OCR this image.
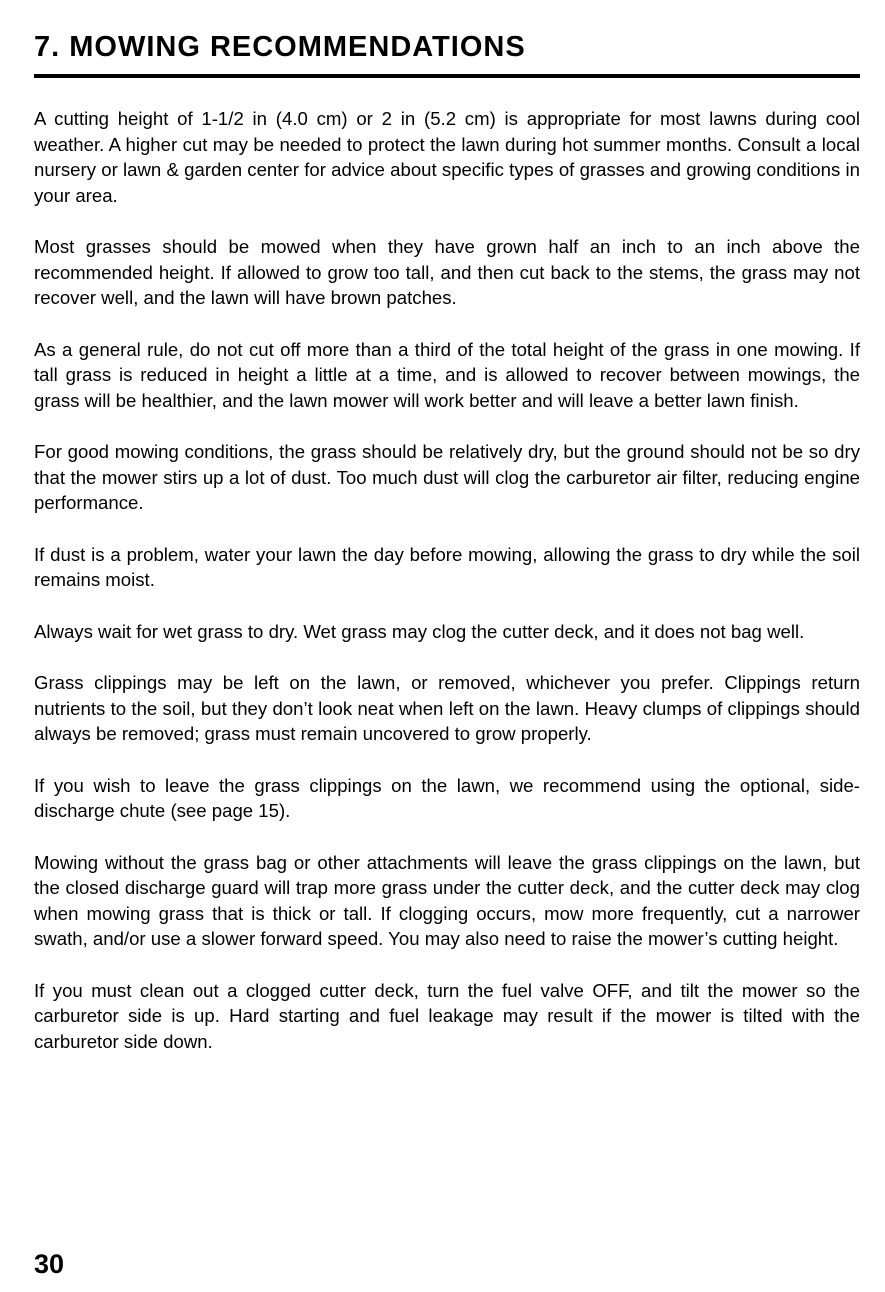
7. MOWING RECOMMENDATIONS

A cutting height of 1-1/2 in (4.0 cm) or 2 in (5.2 cm) is appropriate for most lawns during cool weather. A higher cut may be needed to protect the lawn during hot summer months. Consult a local nursery or lawn & garden center for advice about specific types of grasses and growing conditions in your area.

Most grasses should be mowed when they have grown half an inch to an inch above the recommended height. If allowed to grow too tall, and then cut back to the stems, the grass may not recover well, and the lawn will have brown patches.

As a general rule, do not cut off more than a third of the total height of the grass in one mowing. If tall grass is reduced in height a little at a time, and is allowed to recover between mowings, the grass will be healthier, and the lawn mower will work better and will leave a better lawn finish.

For good mowing conditions, the grass should be relatively dry, but the ground should not be so dry that the mower stirs up a lot of dust. Too much dust will clog the carburetor air filter, reducing engine performance.

If dust is a problem, water your lawn the day before mowing, allowing the grass to dry while the soil remains moist.

Always wait for wet grass to dry. Wet grass may clog the cutter deck, and it does not bag well.

Grass clippings may be left on the lawn, or removed, whichever you prefer. Clippings return nutrients to the soil, but they don’t look neat when left on the lawn. Heavy clumps of clippings should always be removed; grass must remain uncovered to grow properly.

If you wish to leave the grass clippings on the lawn, we recommend using the optional, side-discharge chute (see page 15).

Mowing without the grass bag or other attachments will leave the grass clippings on the lawn, but the closed discharge guard will trap more grass under the cutter deck, and the cutter deck may clog when mowing grass that is thick or tall. If clogging occurs, mow more frequently, cut a narrower swath, and/or use a slower forward speed. You may also need to raise the mower’s cutting height.

If you must clean out a clogged cutter deck, turn the fuel valve OFF, and tilt the mower so the carburetor side is up. Hard starting and fuel leakage may result if the mower is tilted with the carburetor side down.

30
